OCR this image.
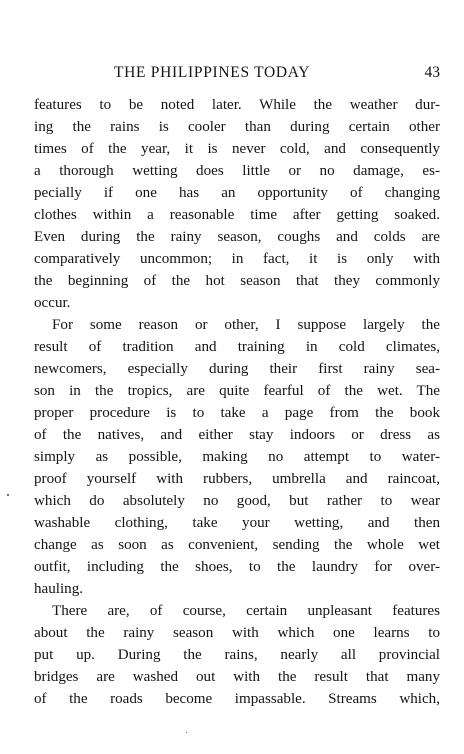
THE PHILIPPINES TODAY	43
features to be noted later. While the weather dur-
ing the rains is cooler than during certain other
times of the year, it is never cold, and consequently
a thorough wetting does little or no damage, es-
pecially if one has an opportunity of changing
clothes within a reasonable time after getting soaked.
Even during the rainy season, coughs and colds are
comparatively uncommon; in fact, it is only with
the beginning of the hot season that they commonly
occur.
For some reason or other, I suppose largely the
result of tradition and training in cold climates,
newcomers, especially during their first rainy sea-
son in the tropics, are quite fearful of the wet. The
proper procedure is to take a page from the book
of the natives, and either stay indoors or dress as
simply as possible, making no attempt to water-
proof yourself with rubbers, umbrella and raincoat,
which do absolutely no good, but rather to wear
washable clothing, take your wetting, and then
change as soon as convenient, sending the whole wet
outfit, including the shoes, to the laundry for over-
hauling.
There are, of course, certain unpleasant features
about the rainy season with which one learns to
put up. During the rains, nearly all provincial
bridges are washed out with the result that many
of the roads become impassable. Streams which,
